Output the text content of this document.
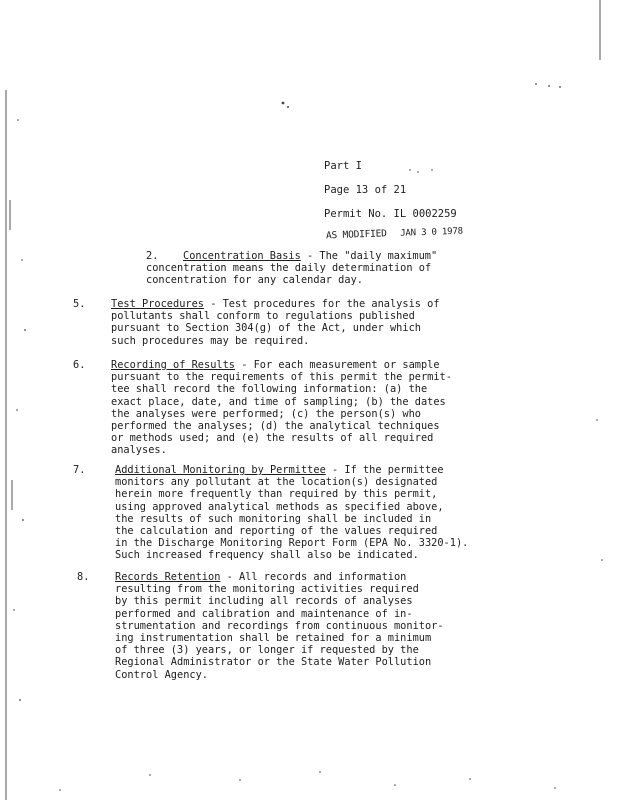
Part I
Page 13 of 21
Permit No. IL 0002259
AS MODIFIED JAN 3 0 1978
2.	Concentration Basis - The "daily maximum"
concentration means the daily determination of
concentration for any calendar day.
5. Test Procedures - Test procedures for the analysis of
pollutants shall conform to regulations published
pursuant to Section 304(g) of the Act, under which
such procedures may be required.
6. Recording of Results - For each measurement or sample
pursuant to the requirements of this permit the permit-
tee shall record the following information: (a) the
exact place, date, and time of sampling; (b) the dates
the analyses were performed; (c) the person(s) who
performed the analyses; (d) the analytical techniques
or methods used; and (e) the results of all required
analyses.
7.	Additional Monitoring by Permittee - If the permittee
monitors any pollutant at the location(s) designated
herein more frequently than required by this permit,
using approved analytical methods as specified above,
the results of such monitoring shall be included in
the calculation and reporting of the values required
in the Discharge Monitoring Report Form (EPA No. 3320-1).
Such increased frequency shall also be indicated.
8. Records Retention - All records and information
resulting from the monitoring activities required
by this permit including all records of analyses
performed and calibration and maintenance of in-
strumentation and recordings from continuous monitor-
ing instrumentation shall be retained for a minimum
of three (3) years, or longer if requested by the
Regional Administrator or the State Water Pollution
Control Agency.
